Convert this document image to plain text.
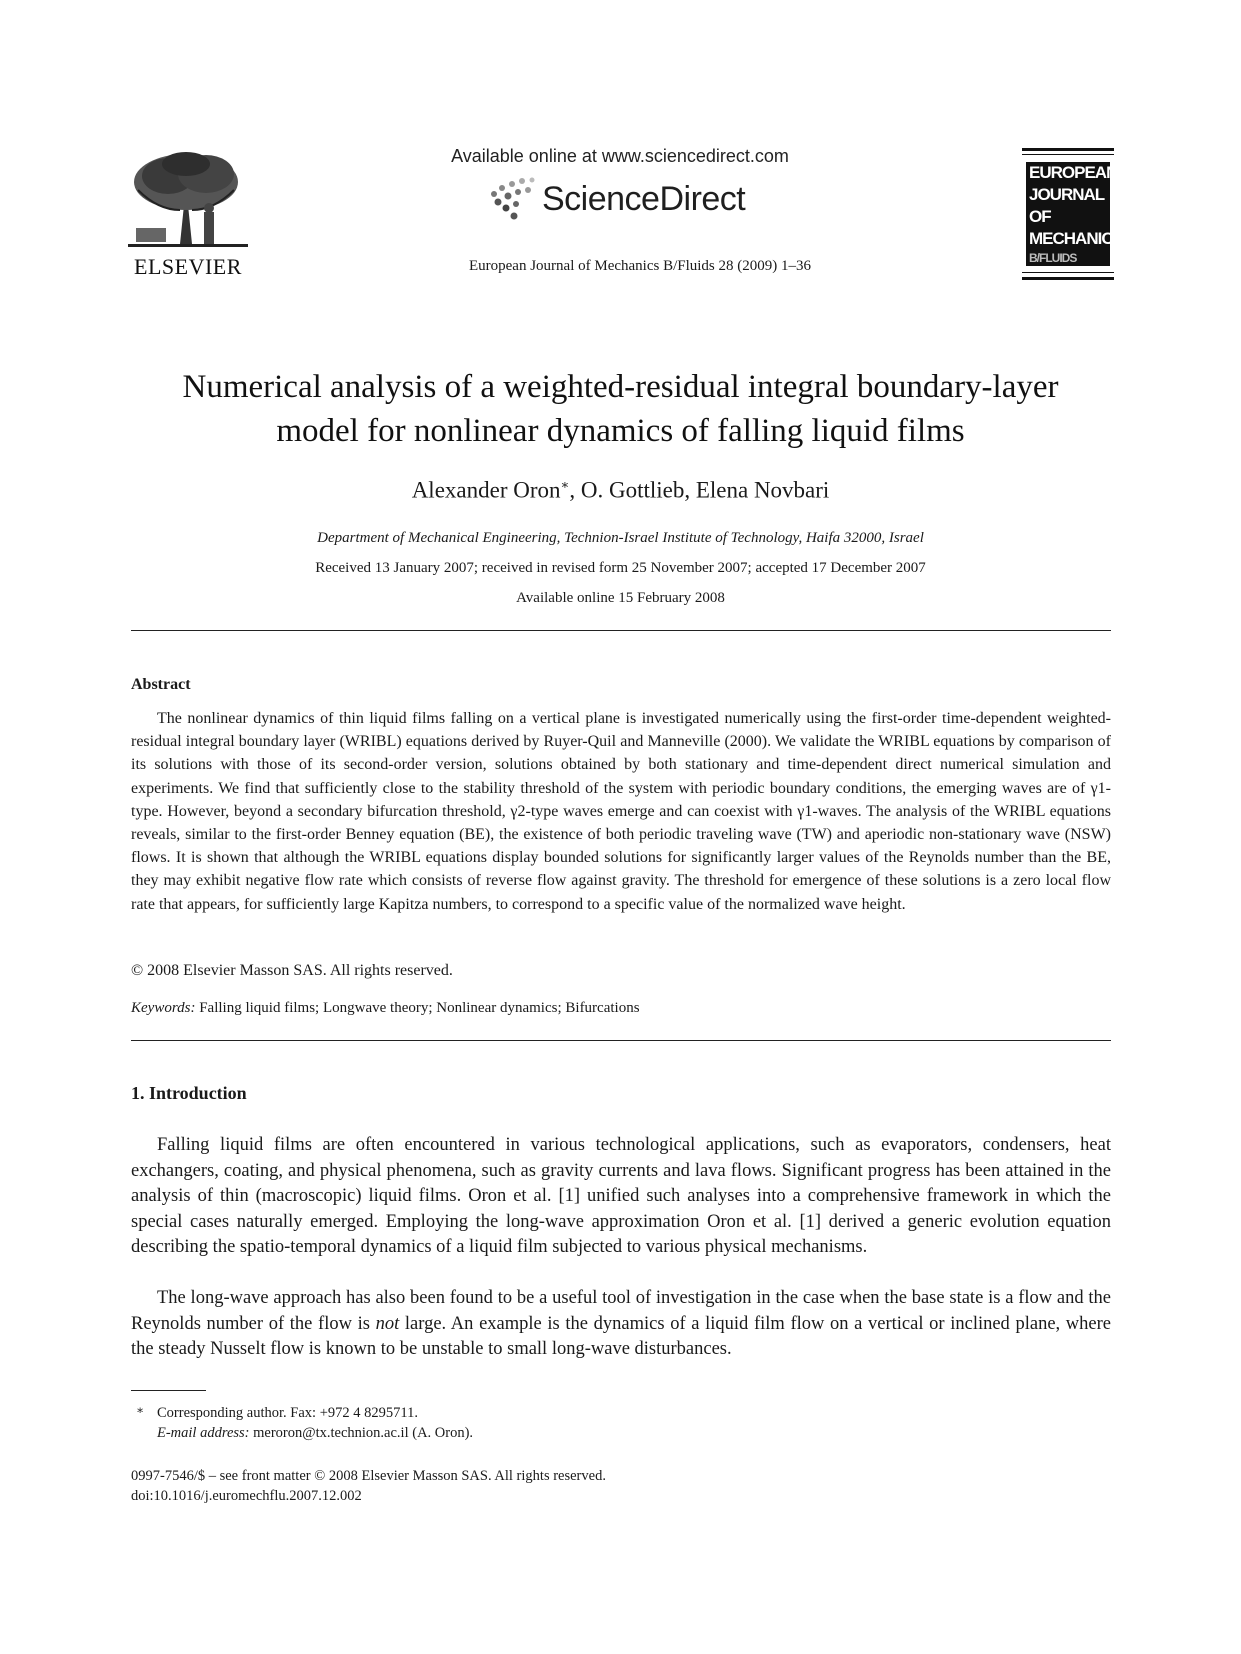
ELSEVIER
Available online at www.sciencedirect.com
ScienceDirect
European Journal of Mechanics B/Fluids 28 (2009) 1–36
EUROPEAN
JOURNAL OF
MECHANICS
B/FLUIDS
Numerical analysis of a weighted-residual integral boundary-layer
model for nonlinear dynamics of falling liquid films
Alexander Oron∗, O. Gottlieb, Elena Novbari
Department of Mechanical Engineering, Technion-Israel Institute of Technology, Haifa 32000, Israel
Received 13 January 2007; received in revised form 25 November 2007; accepted 17 December 2007
Available online 15 February 2008
Abstract
The nonlinear dynamics of thin liquid films falling on a vertical plane is investigated numerically using the first-order time-dependent weighted-residual integral boundary layer (WRIBL) equations derived by Ruyer-Quil and Manneville (2000). We validate the WRIBL equations by comparison of its solutions with those of its second-order version, solutions obtained by both stationary and time-dependent direct numerical simulation and experiments. We find that sufficiently close to the stability threshold of the system with periodic boundary conditions, the emerging waves are of γ1-type. However, beyond a secondary bifurcation threshold, γ2-type waves emerge and can coexist with γ1-waves. The analysis of the WRIBL equations reveals, similar to the first-order Benney equation (BE), the existence of both periodic traveling wave (TW) and aperiodic non-stationary wave (NSW) flows. It is shown that although the WRIBL equations display bounded solutions for significantly larger values of the Reynolds number than the BE, they may exhibit negative flow rate which consists of reverse flow against gravity. The threshold for emergence of these solutions is a zero local flow rate that appears, for sufficiently large Kapitza numbers, to correspond to a specific value of the normalized wave height.
© 2008 Elsevier Masson SAS. All rights reserved.
Keywords: Falling liquid films; Longwave theory; Nonlinear dynamics; Bifurcations
1. Introduction
Falling liquid films are often encountered in various technological applications, such as evaporators, condensers, heat exchangers, coating, and physical phenomena, such as gravity currents and lava flows. Significant progress has been attained in the analysis of thin (macroscopic) liquid films. Oron et al. [1] unified such analyses into a comprehensive framework in which the special cases naturally emerged. Employing the long-wave approximation Oron et al. [1] derived a generic evolution equation describing the spatio-temporal dynamics of a liquid film subjected to various physical mechanisms.
The long-wave approach has also been found to be a useful tool of investigation in the case when the base state is a flow and the Reynolds number of the flow is not large. An example is the dynamics of a liquid film flow on a vertical or inclined plane, where the steady Nusselt flow is known to be unstable to small long-wave disturbances.
∗ Corresponding author. Fax: +972 4 8295711.
E-mail address: meroron@tx.technion.ac.il (A. Oron).
0997-7546/$ – see front matter © 2008 Elsevier Masson SAS. All rights reserved.
doi:10.1016/j.euromechflu.2007.12.002
